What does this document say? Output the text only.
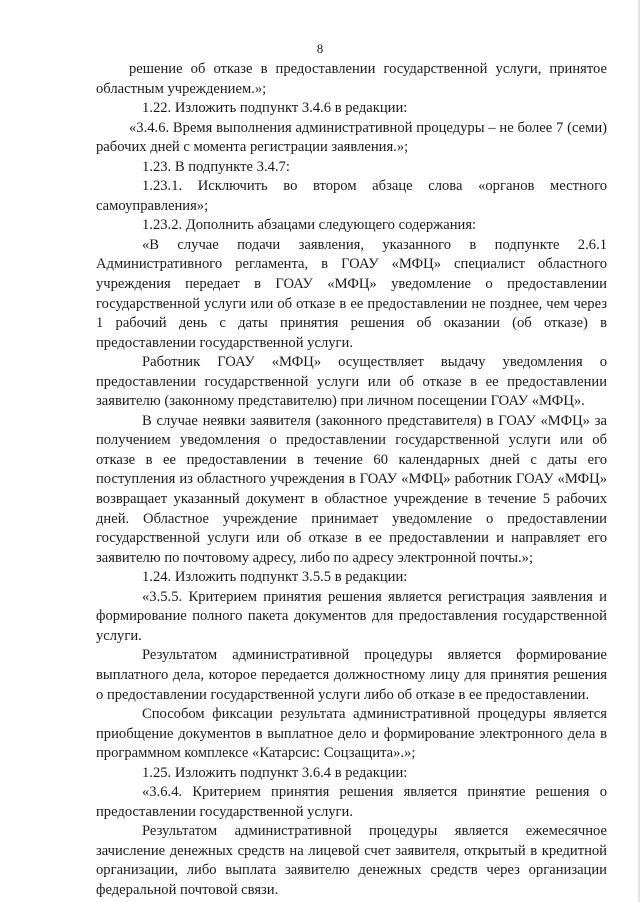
8

решение об отказе в предоставлении государственной услуги, принятое областным учреждением.»;

1.22. Изложить подпункт 3.4.6 в редакции:

«3.4.6. Время выполнения административной процедуры – не более 7 (семи) рабочих дней с момента регистрации заявления.»;

1.23. В подпункте 3.4.7:

1.23.1. Исключить во втором абзаце слова «органов местного самоуправления»;

1.23.2. Дополнить абзацами следующего содержания:

«В случае подачи заявления, указанного в подпункте 2.6.1 Административного регламента, в ГОАУ «МФЦ» специалист областного учреждения передает в ГОАУ «МФЦ» уведомление о предоставлении государственной услуги или об отказе в ее предоставлении не позднее, чем через 1 рабочий день с даты принятия решения об оказании (об отказе) в предоставлении государственной услуги.

Работник ГОАУ «МФЦ» осуществляет выдачу уведомления о предоставлении государственной услуги или об отказе в ее предоставлении заявителю (законному представителю) при личном посещении ГОАУ «МФЦ».

В случае неявки заявителя (законного представителя) в ГОАУ «МФЦ» за получением уведомления о предоставлении государственной услуги или об отказе в ее предоставлении в течение 60 календарных дней с даты его поступления из областного учреждения в ГОАУ «МФЦ» работник ГОАУ «МФЦ» возвращает указанный документ в областное учреждение в течение 5 рабочих дней. Областное учреждение принимает уведомление о предоставлении государственной услуги или об отказе в ее предоставлении и направляет его заявителю по почтовому адресу, либо по адресу электронной почты.»;

1.24. Изложить подпункт 3.5.5 в редакции:

«3.5.5. Критерием принятия решения является регистрация заявления и формирование полного пакета документов для предоставления государственной услуги.

Результатом административной процедуры является формирование выплатного дела, которое передается должностному лицу для принятия решения о предоставлении государственной услуги либо об отказе в ее предоставлении.

Способом фиксации результата административной процедуры является приобщение документов в выплатное дело и формирование электронного дела в программном комплексе «Катарсис: Соцзащита».»;

1.25. Изложить подпункт 3.6.4 в редакции:

«3.6.4. Критерием принятия решения является принятие решения о предоставлении государственной услуги.

Результатом административной процедуры является ежемесячное зачисление денежных средств на лицевой счет заявителя, открытый в кредитной организации, либо выплата заявителю денежных средств через организации федеральной почтовой связи.
